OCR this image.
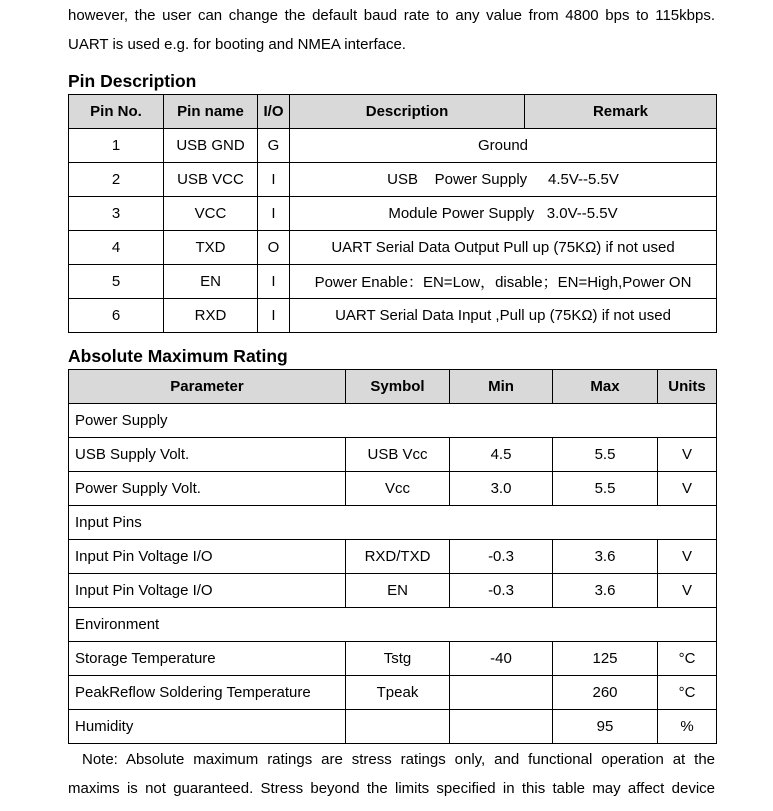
however, the user can change the default baud rate to any value from 4800 bps to 115kbps.
UART is used e.g. for booting and NMEA interface.
Pin Description
Pin No.	Pin name	I/O	Description	Remark
1	USB GND	G	Ground	
2	USB VCC	I	USB    Power Supply     4.5V--5.5V	
3	VCC	I	Module Power Supply   3.0V--5.5V	
4	TXD	O	UART Serial Data Output Pull up (75KΩ) if not used	
5	EN	I	Power Enable：EN=Low，disable；EN=High,Power ON	
6	RXD	I	UART Serial Data Input ,Pull up (75KΩ) if not used	
Absolute Maximum Rating
Parameter	Symbol	Min	Max	Units
Power Supply				
USB Supply Volt.	USB Vcc	4.5	5.5	V
Power Supply Volt.	Vcc	3.0	5.5	V
Input Pins				
Input Pin Voltage I/O	RXD/TXD	-0.3	3.6	V
Input Pin Voltage I/O	EN	-0.3	3.6	V
Environment				
Storage Temperature	Tstg	-40	125	°C
PeakReflow Soldering Temperature	Tpeak		260	°C
Humidity			95	%
Note: Absolute maximum ratings are stress ratings only, and functional operation at the
maxims is not guaranteed. Stress beyond the limits specified in this table may affect device
